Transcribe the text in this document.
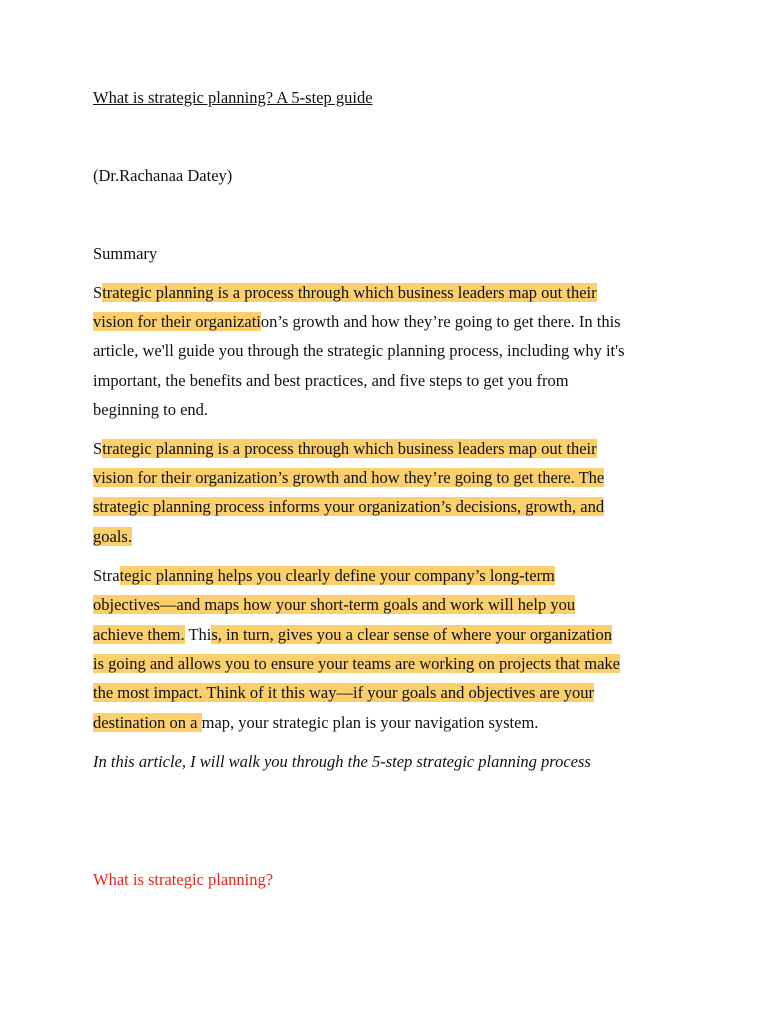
What is strategic planning? A 5-step guide
(Dr.Rachanaa Datey)
Summary
Strategic planning is a process through which business leaders map out their
vision for their organization’s growth and how they’re going to get there. In this
article, we'll guide you through the strategic planning process, including why it's
important, the benefits and best practices, and five steps to get you from
beginning to end.
Strategic planning is a process through which business leaders map out their
vision for their organization’s growth and how they’re going to get there. The
strategic planning process informs your organization’s decisions, growth, and
goals.
Strategic planning helps you clearly define your company’s long-term
objectives—and maps how your short-term goals and work will help you
achieve them. This, in turn, gives you a clear sense of where your organization
is going and allows you to ensure your teams are working on projects that make
the most impact. Think of it this way—if your goals and objectives are your
destination on a map, your strategic plan is your navigation system.
In this article, I will walk you through the 5-step strategic planning process
What is strategic planning?
